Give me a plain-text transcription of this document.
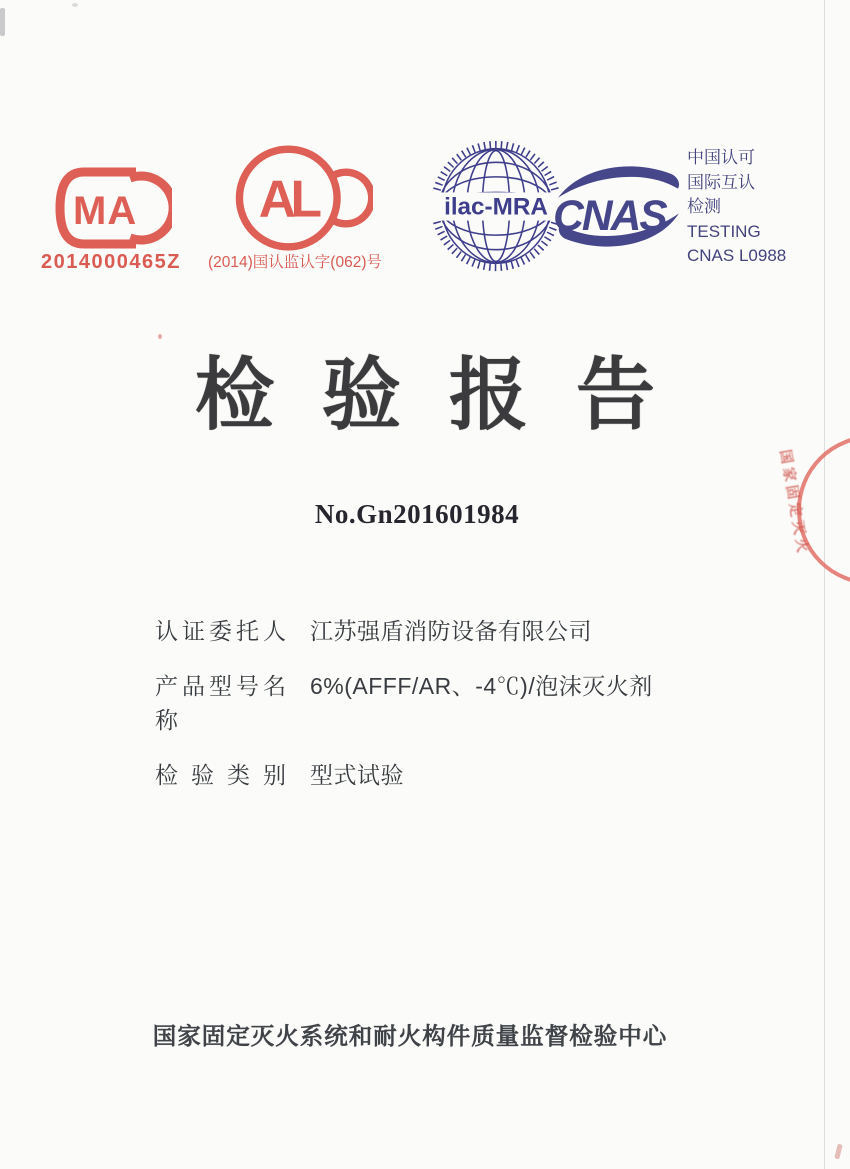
MA
2014000465Z
AL
(2014)国认监认字(062)号
ilac-MRA CNAS
中国认可
国际互认
检测
TESTING
CNAS L0988
检验报告
No.Gn201601984
认证委托人 江苏强盾消防设备有限公司
产品型号名称
6%(AFFF/AR、-4℃)/泡沫灭火剂
检验类别 型式试验
国家固定灭火系统和耐火构件质量监督检验中心
国家固定灭火
